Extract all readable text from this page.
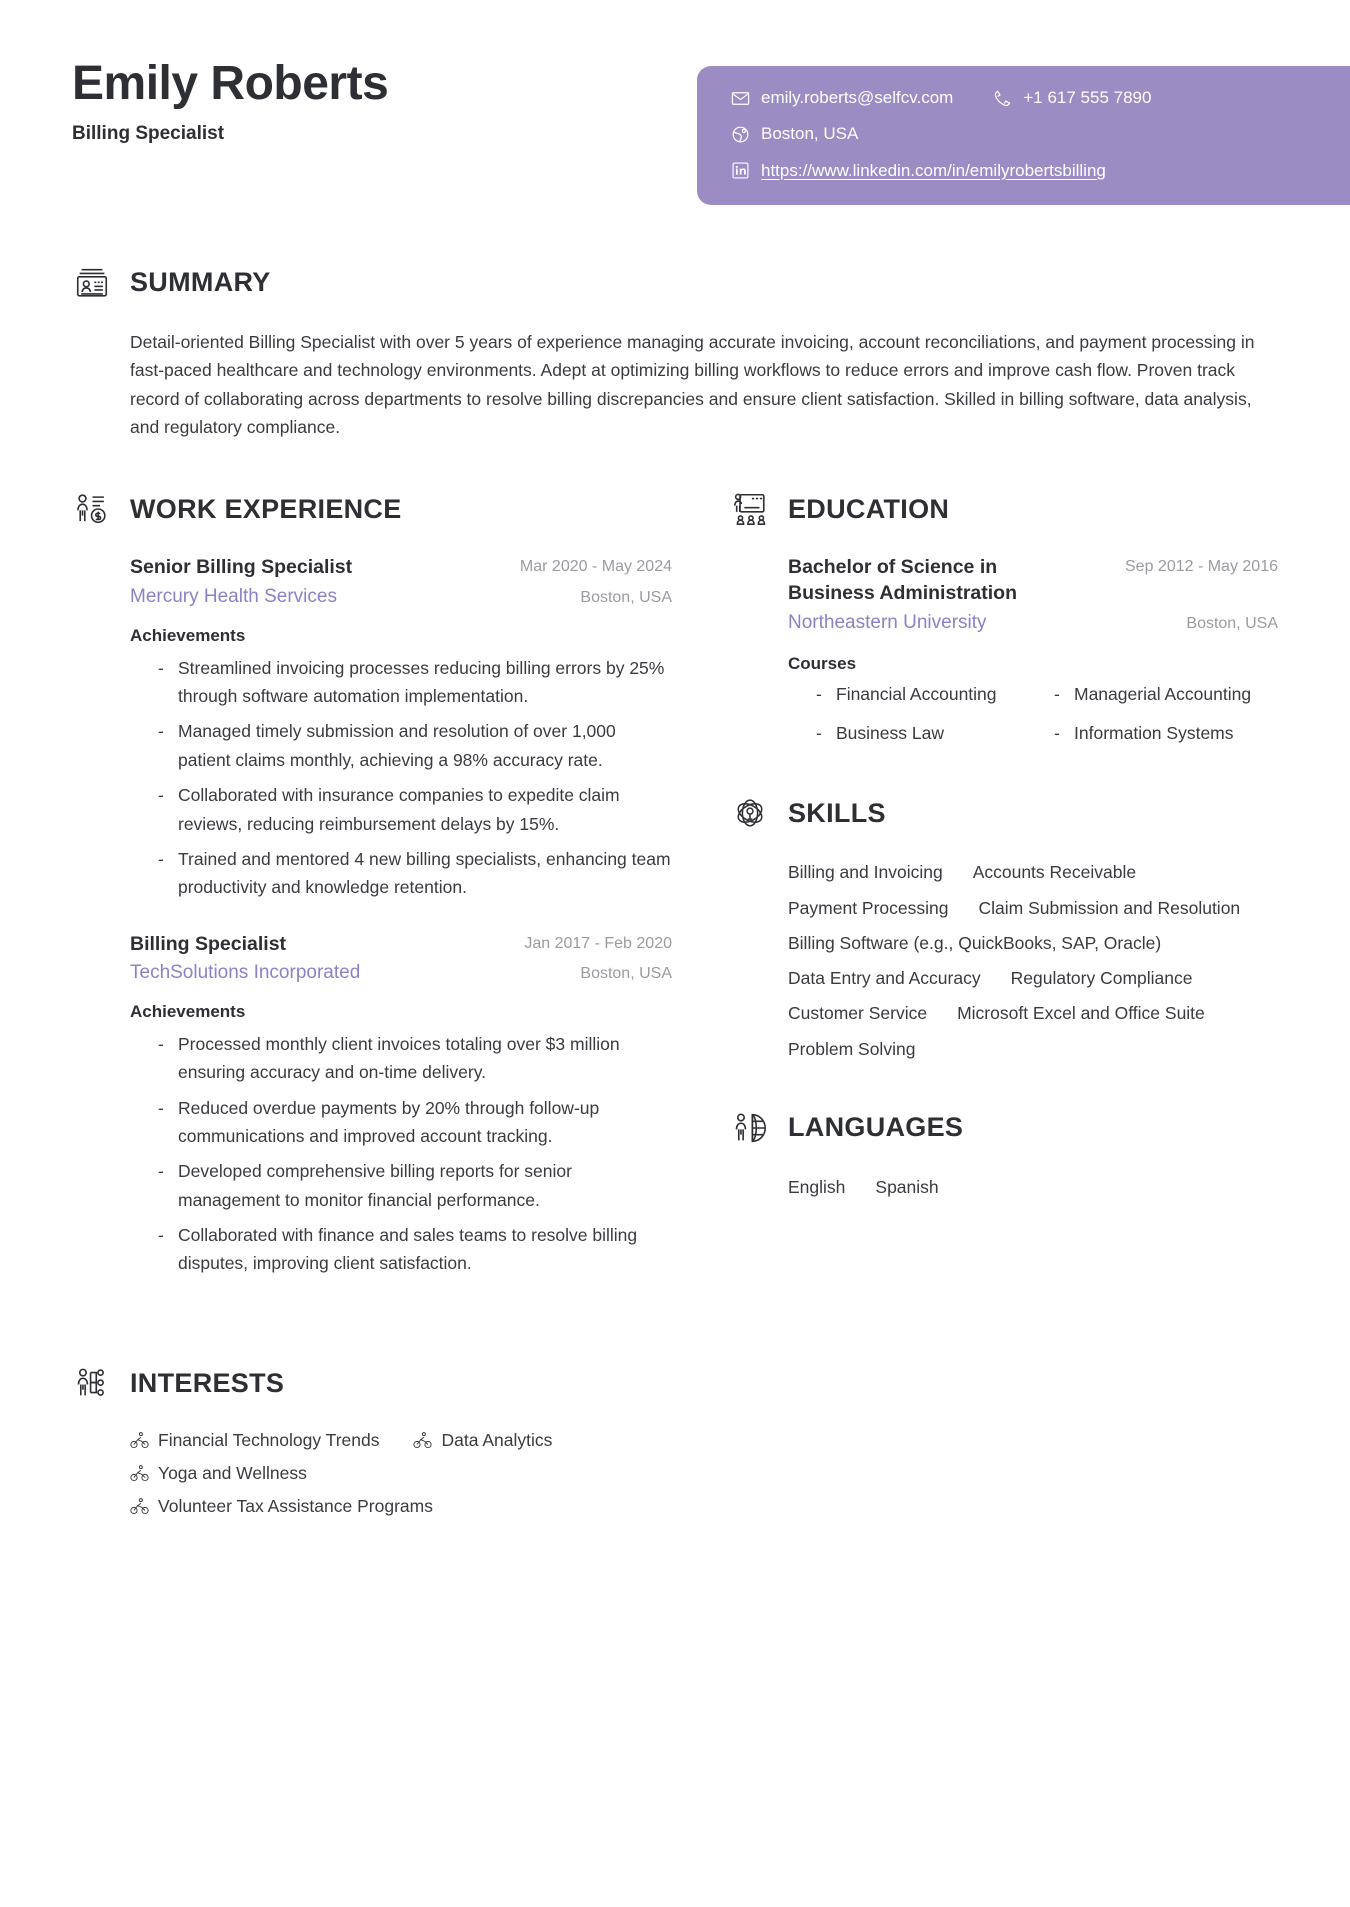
Emily Roberts
Billing Specialist
emily.roberts@selfcv.com	+1 617 555 7890
Boston, USA
https://www.linkedin.com/in/emilyrobertsbilling
SUMMARY
Detail-oriented Billing Specialist with over 5 years of experience managing accurate invoicing, account reconciliations, and payment processing in fast-paced healthcare and technology environments. Adept at optimizing billing workflows to reduce errors and improve cash flow. Proven track record of collaborating across departments to resolve billing discrepancies and ensure client satisfaction. Skilled in billing software, data analysis, and regulatory compliance.
WORK EXPERIENCE
Senior Billing Specialist	Mar 2020 - May 2024
Mercury Health Services	Boston, USA
Achievements
- Streamlined invoicing processes reducing billing errors by 25% through software automation implementation.
- Managed timely submission and resolution of over 1,000 patient claims monthly, achieving a 98% accuracy rate.
- Collaborated with insurance companies to expedite claim reviews, reducing reimbursement delays by 15%.
- Trained and mentored 4 new billing specialists, enhancing team productivity and knowledge retention.
Billing Specialist	Jan 2017 - Feb 2020
TechSolutions Incorporated	Boston, USA
Achievements
- Processed monthly client invoices totaling over $3 million ensuring accuracy and on-time delivery.
- Reduced overdue payments by 20% through follow-up communications and improved account tracking.
- Developed comprehensive billing reports for senior management to monitor financial performance.
- Collaborated with finance and sales teams to resolve billing disputes, improving client satisfaction.
EDUCATION
Bachelor of Science in Business Administration
Sep 2012 - May 2016
Northeastern University	Boston, USA
Courses
- Financial Accounting	- Managerial Accounting
- Business Law	- Information Systems
SKILLS
Billing and Invoicing Accounts Receivable
Payment Processing Claim Submission and Resolution
Billing Software (e.g., QuickBooks, SAP, Oracle)
Data Entry and Accuracy Regulatory Compliance
Customer Service Microsoft Excel and Office Suite
Problem Solving
LANGUAGES
English Spanish
INTERESTS
Financial Technology Trends	Data Analytics
Yoga and Wellness
Volunteer Tax Assistance Programs
